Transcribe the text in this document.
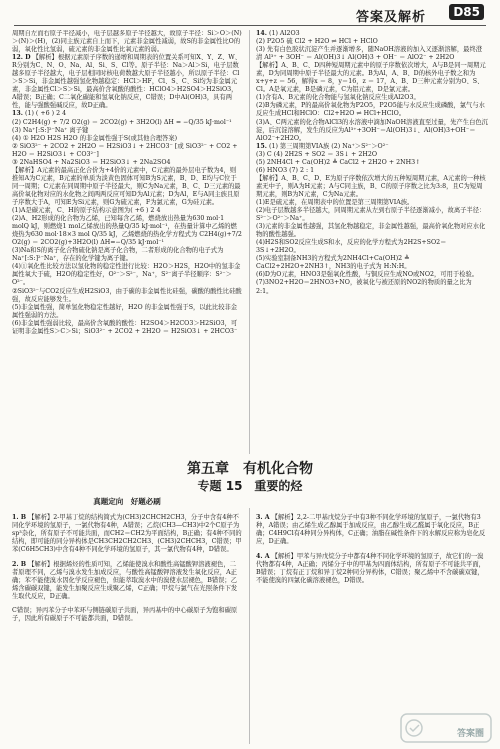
答案及解析	D85

周期自左而右原子半径减小，电子层越多原子半径越大，故原子半径：Si＞O＞(N)＞(N)＞(H)，(2)同主族元素自上而下，元素非金属性减弱，故S的非金属性比O的弱，氧化性比氢弱，硫元素的非金属性比氧元素的弱。

12. D 【解析】根据元素原子序数的递增和周期表的位置关系可知X、Y、Z、W、R分别为C、N、O、Na、Al、Si、S、Cl等。原子半径：Na＞Al＞Si，电子层数越多原子半径越大，电子层相同时核电荷数越大原子半径越小，所以原子半径：Cl＞S＞Si，非金属性越强氢化物越稳定：HCl＞HF，Cl、S、C、Si均为非金属元素，非金属性Cl＞S＞Si，最高价含氧酸的酸性：HClO4＞H2SO4＞H2SiO3，A错误；B正确；C二氧化碳能和氢氧化钠反应，C错误；D中Al(OH)3，具有两性，能与强酸强碱反应，故D正确。

13. (1) ( +6 ) 2 4

(2) C2H4(g) + 7/2 O2(g) ＝ 2CO2(g) + 3H2O(l) ΔH = −Q/35 kJ·mol⁻¹

(3) Na⁺[:S:]²⁻Na⁺ 离子键

(4) ① H2O H2S H2O 的非金属性强于S(或其他合理答案)

② SiO3²⁻ + 2CO2 + 2H2O ＝ H2SiO3↓ + 2HCO3⁻ [或 SiO3²⁻ + CO2 + H2O ＝ H2SiO3↓ + CO3²⁻]

③ 2NaHSO4 + Na2SiO3 ＝ H2SiO3↓ + 2Na2SO4

【解析】A元素的最高正化合价为+4价的元素中，C元素的最外层电子数为4，则推知A为C元素，B元素的单质为淡黄色固体可知B为S元素，B、D、E均与C位于同一周期；C元素在同周期中原子半径最大，则C为Na元素，B、C、D三元素的最高价氧化物对应的水化物之间两两反应可知D为Al元素；D为Al，E与A同主族且原子序数大于A，可知E为Si元素，则G为硫元素，F为氯元素，G为硅元素。

(1)A是碳元素，C、H的原子结构示意图为( +6 ) 2 4

(2)A、H2形成的化合物为乙烯，已知每含乙烯，燃烧放出热量为630 mol·1 molQ kJ，则燃烧1 mol乙烯放出的热量Q/35 kJ·mol⁻¹，在热量计算中乙烯的燃烧热为630 mol·18×3 mol Q/35 kJ，乙烯燃烧的热化学方程式为 C2H4(g)+7/2 O2(g) ＝ 2CO2(g)+3H2O(l) ΔH=−Q/35 kJ·mol⁻¹

(3)Na和S的离子化合物硫化钠是离子化合物，二者形成的化合物的电子式为 Na⁺[:S:]²⁻Na⁺，存在的化学键为离子键。

(4)①氧化性比较方法以氢化物的稳定性进行比较：H2O＞H2S，H2O中的氢非金属性氧大于硫，H2O的稳定性好，O²⁻＞S²⁻，Na⁺，S²⁻离子半径顺序：S²⁻＞O²⁻。

②SiO3²⁻与CO2反应生成H2SiO3，由于碳的非金属性比硅强，碳酸的酸性比硅酸强，故反应能够发生。

(5)非金属性强，简单氢化物稳定性越好，H2O 的非金属性强于S，以此比较非金属性强弱的方法。

(6)非金属性强弱比较，最高价含氧酸的酸性：H2SO4＞H2CO3＞H2SiO3，可证明非金属性S＞C＞Si；SiO3²⁻ + 2CO2 + 2H2O ＝ H2SiO3↓ + 2HCO3⁻

14. (1) Al2O3

(2) P2O5 硫 Cl2 + H2O ⇌ HCl + HClO

(3) 先有白色胶状沉淀产生并逐渐增多，随NaOH溶液的加入又逐渐溶解，最终澄清 Al³⁺ + 3OH⁻ ＝ Al(OH)3↓ Al(OH)3 + OH⁻ ＝ AlO2⁻ + 2H2O

【解析】A、B、C、D四种短周期元素中的原子序数依次增大，A与B是同一周期元素，D为同周期中原子半径最大的元素。B为Al，A、B、D的核外电子数之和为x+y+z ＝ 56，解得x ＝ 8，y＝16，z ＝ 17，A、B、D三种元素分别为O、S、Cl。A是氧元素，B是磷元素，C为铝元素，D是氯元素。

(1)含有A、B元素的化合物能与氢氧化钠反应生成Al2O3。

(2)B为磷元素，P的最高价氧化物为P2O5，P2O5能与水反应生成磷酸，氯气与水反应生成HCl和HClO：Cl2+H2O ⇌ HCl+HClO。

(3)A、C两元素的化合物AlCl3的水溶液中滴加NaOH溶液直至过量，先产生白色沉淀，后沉淀溶解，发生的反应为Al³⁺+3OH⁻＝Al(OH)3↓、Al(OH)3+OH⁻＝AlO2⁻+2H2O。

15. (1) 第三周期第VIA族 (2) Na⁺＞S²⁻＞O²⁻

(3) C (4) 2H2S + SO2 ＝ 3S↓ + 2H2O

(5) 2NH4Cl + Ca(OH)2 ≜ CaCl2 + 2H2O + 2NH3↑

(6) HNO3 (7) 2 : 1

【解析】A、B、C、D、E为原子序数依次增大的五种短周期元素，A元素的一种核素无中子，则A为H元素；A与C同主族，B、C的原子序数之比为3:8，且C为短周期元素，则B为N元素，C为Na元素。

(1)E是硫元素，在周期表中的位置是第三周期第VIA族。

(2)电子层数越多半径越大，同周期元素从左到右原子半径逐渐减小，故离子半径：S²⁻＞O²⁻＞Na⁺。

(3)元素的非金属性越强，其氢化物越稳定，非金属性越强，最高价氧化物对应水化物的酸性越强。

(4)H2S和SO2反应生成S和水，反应的化学方程式为2H2S+SO2＝3S↓+2H2O。

(5)实验室制备NH3的方程式为2NH4Cl+Ca(OH)2 ≜ CaCl2+2H2O+2NH3↑，NH3的电子式为 H:N:H。

(6)D为O元素，HNO3是强氧化性酸，与铜反应生成NO或NO2，可用于检验。

(7)3NO2+H2O＝2HNO3+NO，被氧化与被还原的NO2的物质的量之比为2:1。

第五章　有机化合物
专题 15　重要的烃
真题定向　好题必刷

1. B 【解析】2-甲基丁烷的结构简式为(CH3)2CHCH2CH3，分子中含有4种不同化学环境的氢原子，一氯代物有4种，A错误；乙烷(CH3—CH3)中2个C原子为sp³杂化，所有原子不可能共面，而CH2＝CH2为平面结构，B正确；有4种不同的结构，即可能的同分异构体是CH3CH2CH2CH3、(CH3)2CHCH3，C错误；甲苯(C6H5CH3)中含有4种不同化学环境的氢原子，其一氯代物有4种，D错误。

2. B 【解析】根据烯烃的性质可知，乙烯能使溴水和酸性高锰酸钾溶液褪色，二者原理不同，乙烯与溴水发生加成反应，与酸性高锰酸钾溶液发生氧化反应，A正确；苯不能使溴水因化学反应褪色，但能萃取溴水中的溴使水层褪色，B错误；乙烯含碳碳双键，能发生加聚反应生成聚乙烯，C正确；甲烷与氯气在光照条件下发生取代反应，D正确。

C错误；异丙苯分子中苯环与侧链碳原子共面，异丙基中的中心碳原子为饱和碳原子，因此所有碳原子不可能都共面，D错误。

3. A 【解析】2,2-二甲基戊烷分子中有3种不同化学环境的氢原子，一氯代物有3种，A错误；由乙烯生成乙醇属于加成反应，由乙醇生成乙醛属于氧化反应，B正确；C4H9Cl有4种同分异构体，C正确；油脂在碱性条件下的水解反应称为皂化反应，D正确。

4. A 【解析】甲苯与异戊烷分子中都有4种不同化学环境的氢原子，故它们的一溴代物都有4种，A正确；丙烯分子中的甲基为四面体结构，所有原子不可能共平面，B错误；丁烷有正丁烷和异丁烷2种同分异构体，C错误；聚乙烯中不含碳碳双键，不能使溴的四氯化碳溶液褪色，D错误。

答案圈
